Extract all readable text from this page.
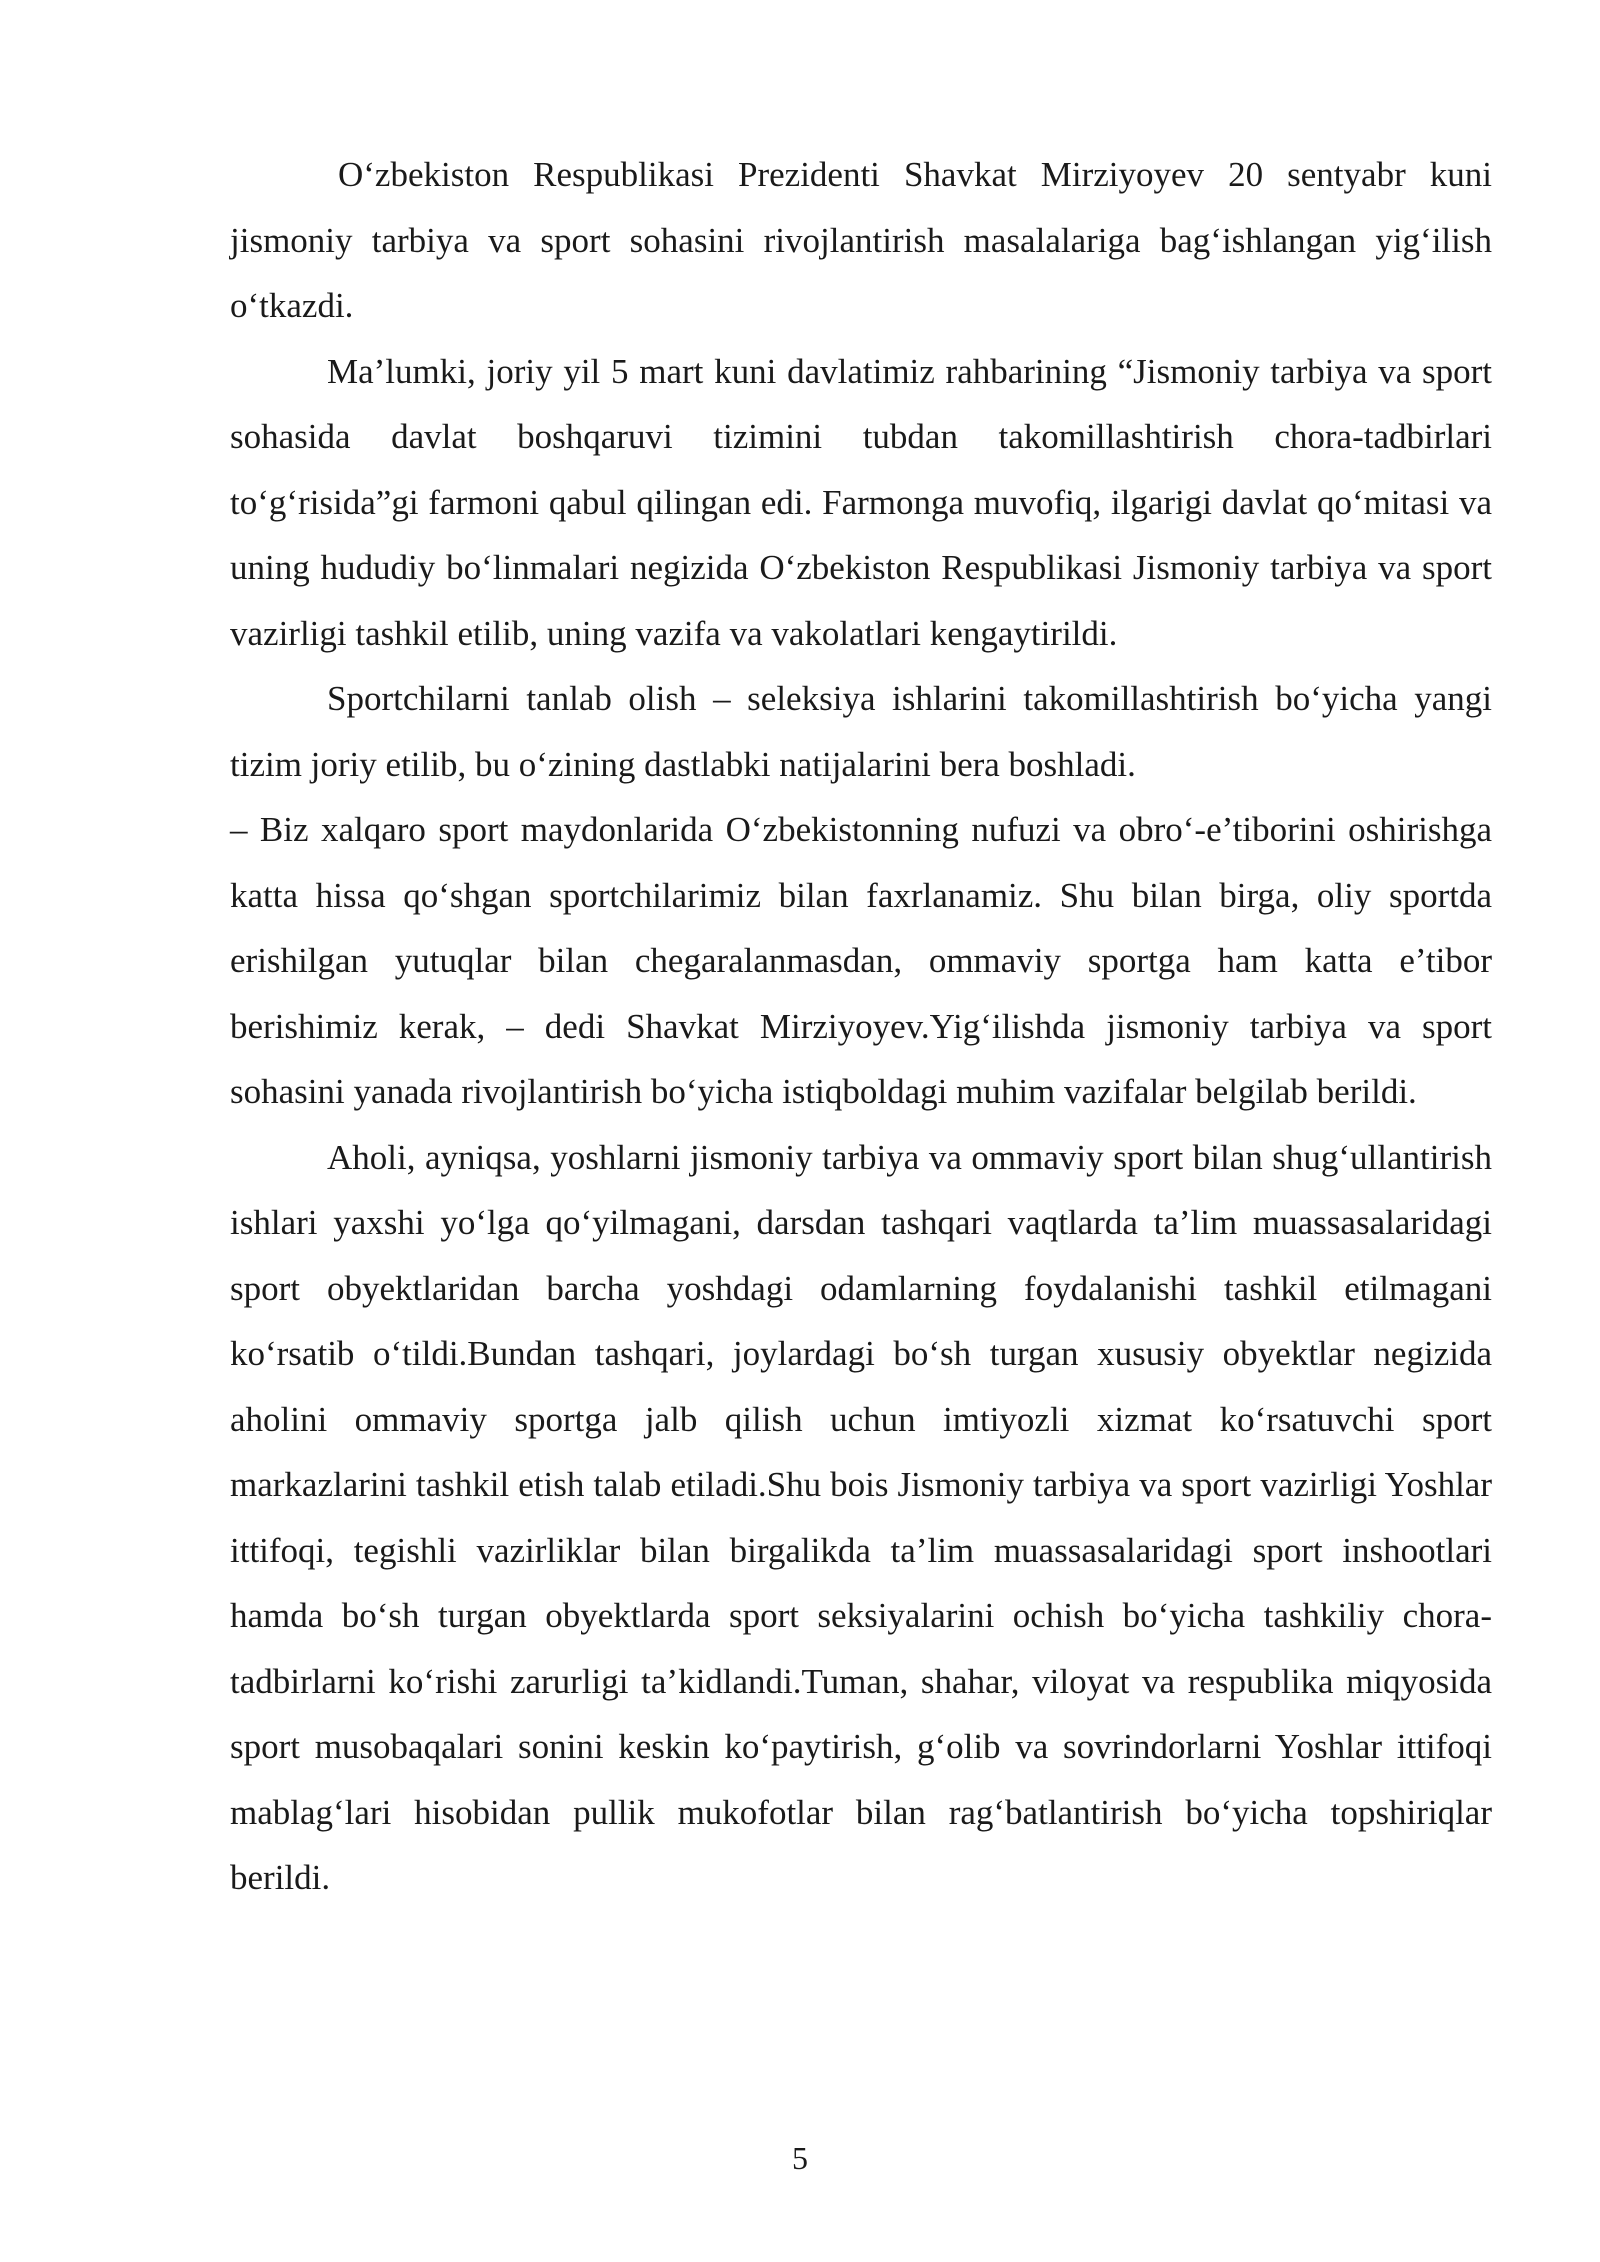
O‘zbekiston Respublikasi Prezidenti Shavkat Mirziyoyev 20 sentyabr kuni jismoniy tarbiya va sport sohasini rivojlantirish masalalariga bag‘ishlangan yig‘ilish o‘tkazdi.

Ma’lumki, joriy yil 5 mart kuni davlatimiz rahbarining “Jismoniy tarbiya va sport sohasida davlat boshqaruvi tizimini tubdan takomillashtirish chora-tadbirlari to‘g‘risida”gi farmoni qabul qilingan edi. Farmonga muvofiq, ilgarigi davlat qo‘mitasi va uning hududiy bo‘linmalari negizida O‘zbekiston Respublikasi Jismoniy tarbiya va sport vazirligi tashkil etilib, uning vazifa va vakolatlari kengaytirildi.

Sportchilarni tanlab olish – seleksiya ishlarini takomillashtirish bo‘yicha yangi tizim joriy etilib, bu o‘zining dastlabki natijalarini bera boshladi.

– Biz xalqaro sport maydonlarida O‘zbekistonning nufuzi va obro‘-e’tiborini oshirishga katta hissa qo‘shgan sportchilarimiz bilan faxrlanamiz. Shu bilan birga, oliy sportda erishilgan yutuqlar bilan chegaralanmasdan, ommaviy sportga ham katta e’tibor berishimiz kerak, – dedi Shavkat Mirziyoyev.Yig‘ilishda jismoniy tarbiya va sport sohasini yanada rivojlantirish bo‘yicha istiqboldagi muhim vazifalar belgilab berildi.

Aholi, ayniqsa, yoshlarni jismoniy tarbiya va ommaviy sport bilan shug‘ullantirish ishlari yaxshi yo‘lga qo‘yilmagani, darsdan tashqari vaqtlarda ta’lim muassasalaridagi sport obyektlaridan barcha yoshdagi odamlarning foydalanishi tashkil etilmagani ko‘rsatib o‘tildi.Bundan tashqari, joylardagi bo‘sh turgan xususiy obyektlar negizida aholini ommaviy sportga jalb qilish uchun imtiyozli xizmat ko‘rsatuvchi sport markazlarini tashkil etish talab etiladi.Shu bois Jismoniy tarbiya va sport vazirligi Yoshlar ittifoqi, tegishli vazirliklar bilan birgalikda ta’lim muassasalaridagi sport inshootlari hamda bo‘sh turgan obyektlarda sport seksiyalarini ochish bo‘yicha tashkiliy chora-tadbirlarni ko‘rishi zarurligi ta’kidlandi.Tuman, shahar, viloyat va respublika miqyosida sport musobaqalari sonini keskin ko‘paytirish, g‘olib va sovrindorlarni Yoshlar ittifoqi mablag‘lari hisobidan pullik mukofotlar bilan rag‘batlantirish bo‘yicha topshiriqlar berildi.

5
